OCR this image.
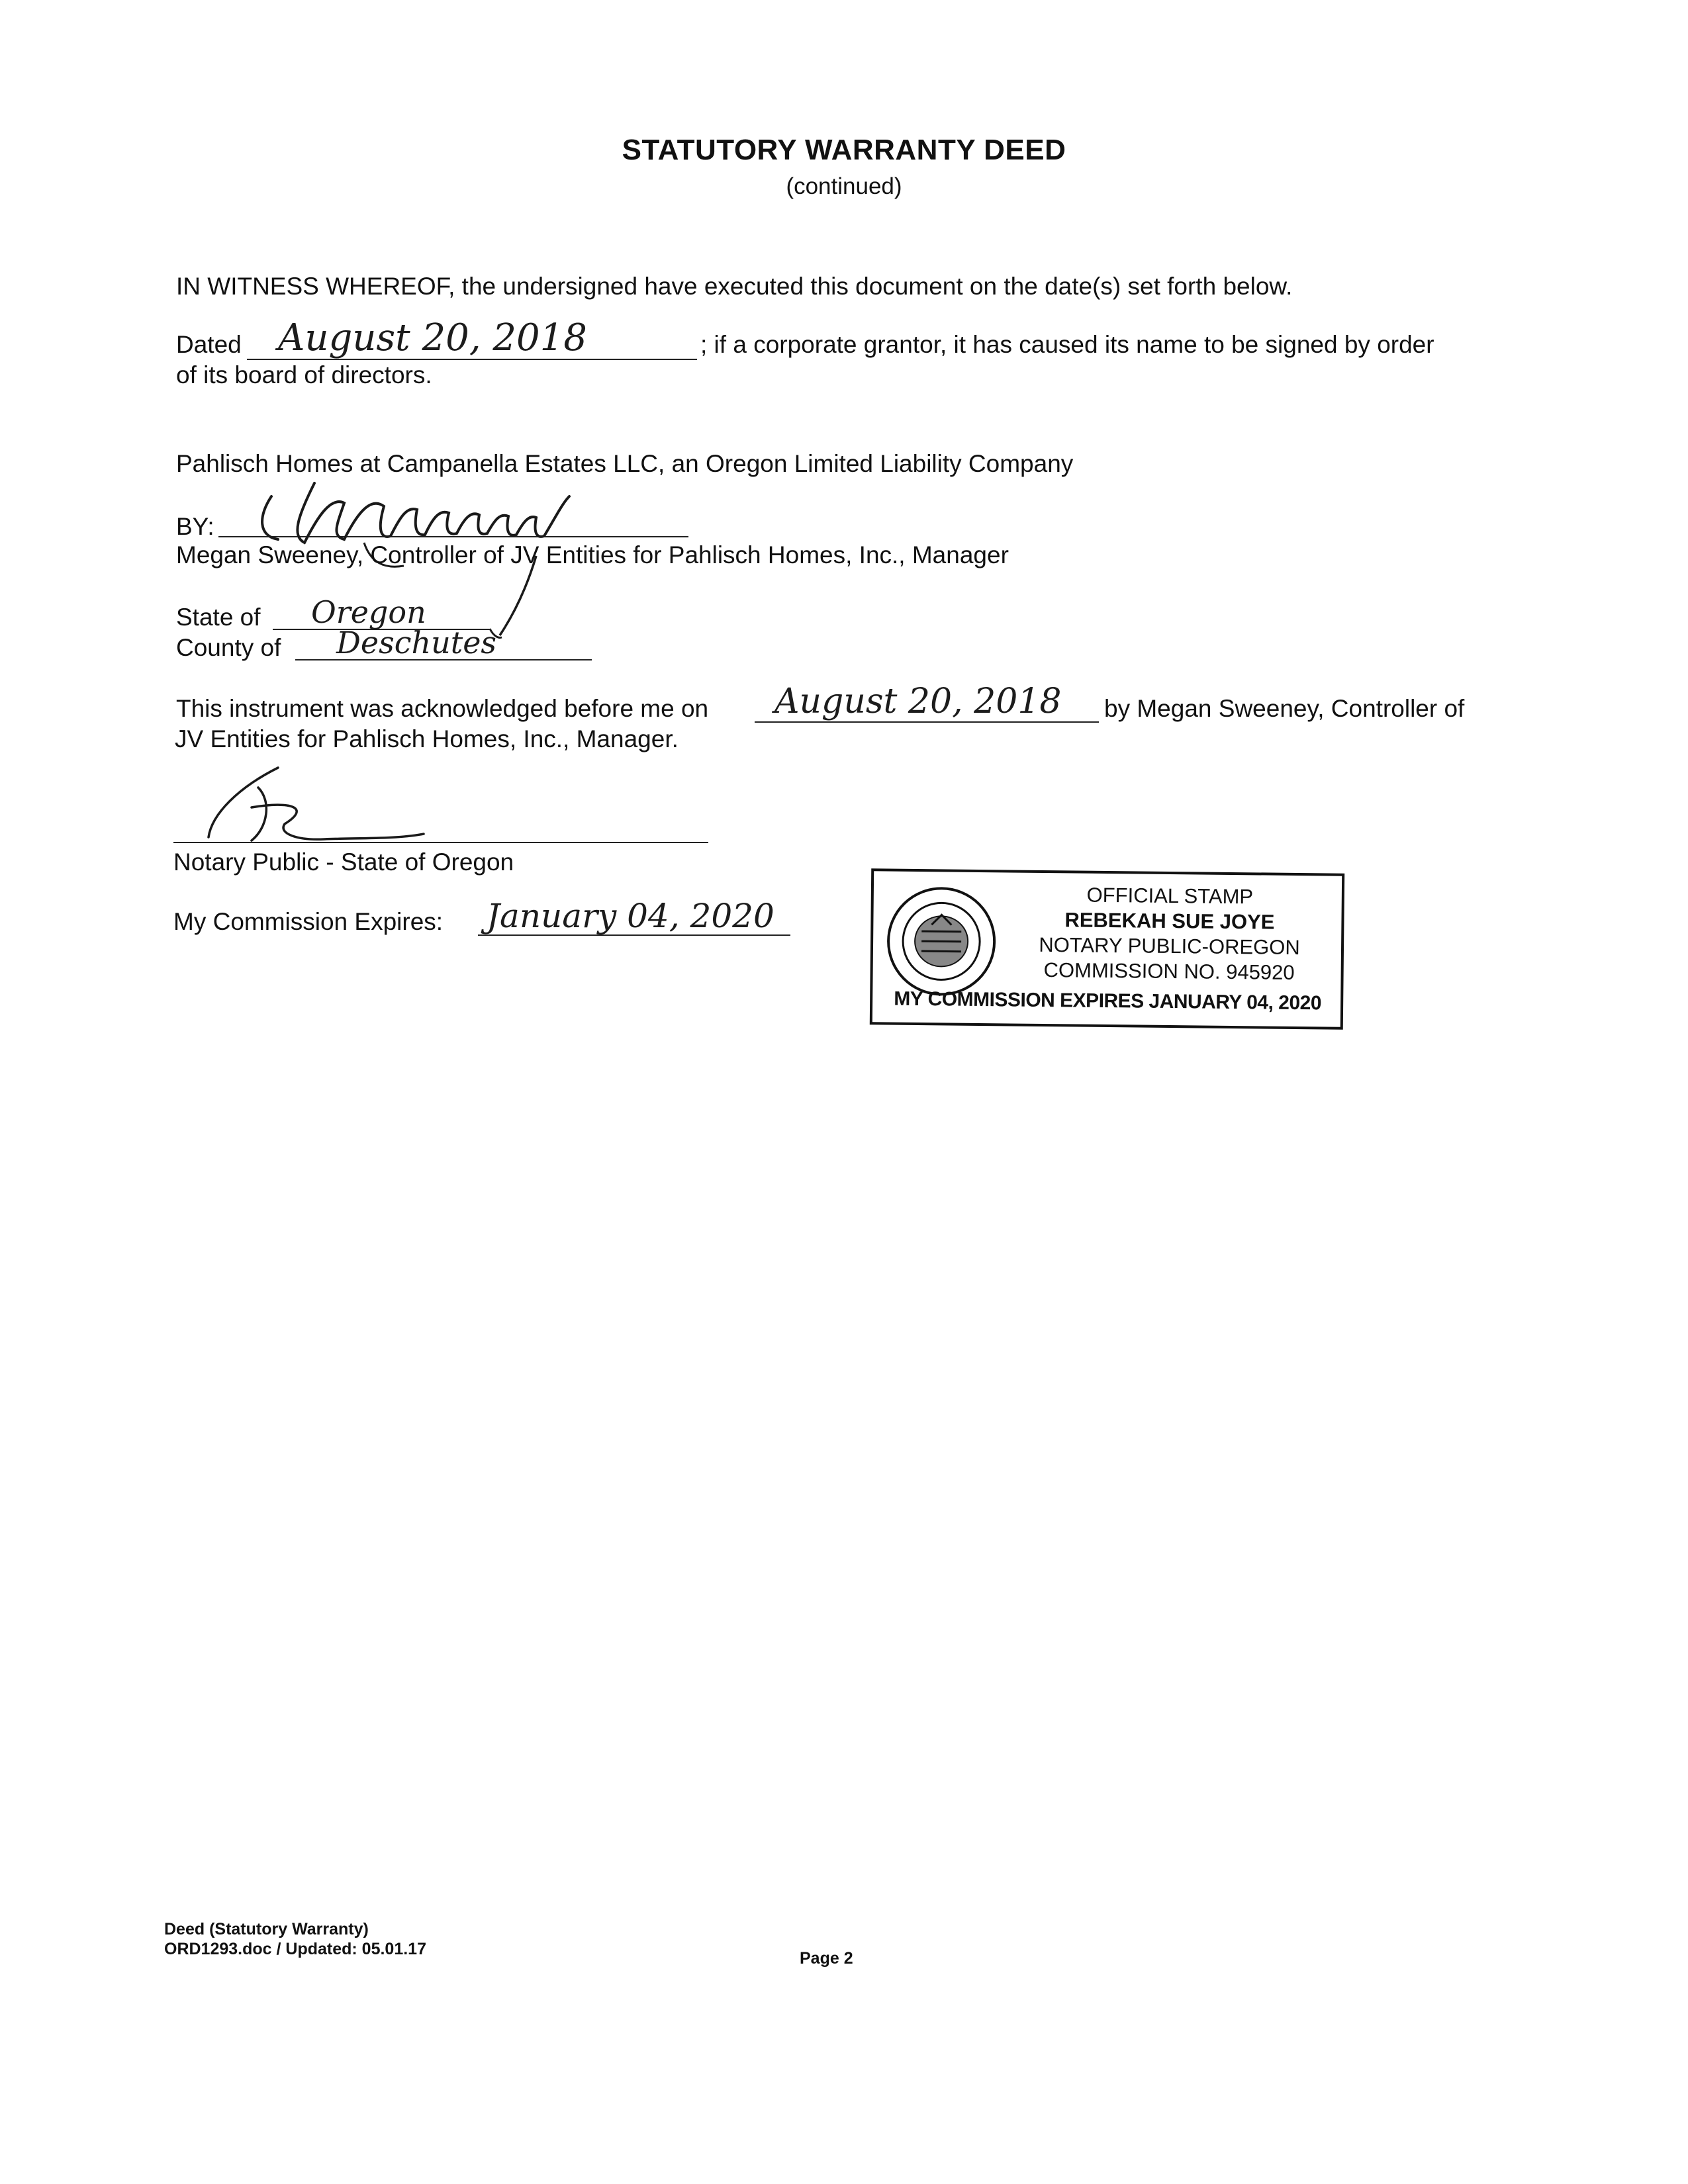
STATUTORY WARRANTY DEED
(continued)
IN WITNESS WHEREOF, the undersigned have executed this document on the date(s) set forth below.
Dated August 20, 2018	; if a corporate grantor, it has caused its name to be signed by order
of its board of directors.
Pahlisch Homes at Campanella Estates LLC, an Oregon Limited Liability Company
BY:
Megan Sweeney, Controller of JV Entities for Pahlisch Homes, Inc., Manager
State of Oregon
County of Deschutes
This instrument was acknowledged before me on August 20, 2018 by Megan Sweeney, Controller of
JV Entities for Pahlisch Homes, Inc., Manager.
Notary Public - State of Oregon
My Commission Expires: January 04, 2020
OFFICIAL STAMP
REBEKAH SUE JOYE
NOTARY PUBLIC-OREGON
COMMISSION NO. 945920
MY COMMISSION EXPIRES JANUARY 04, 2020
Deed (Statutory Warranty)
ORD1293.doc / Updated: 05.01.17	Page 2
